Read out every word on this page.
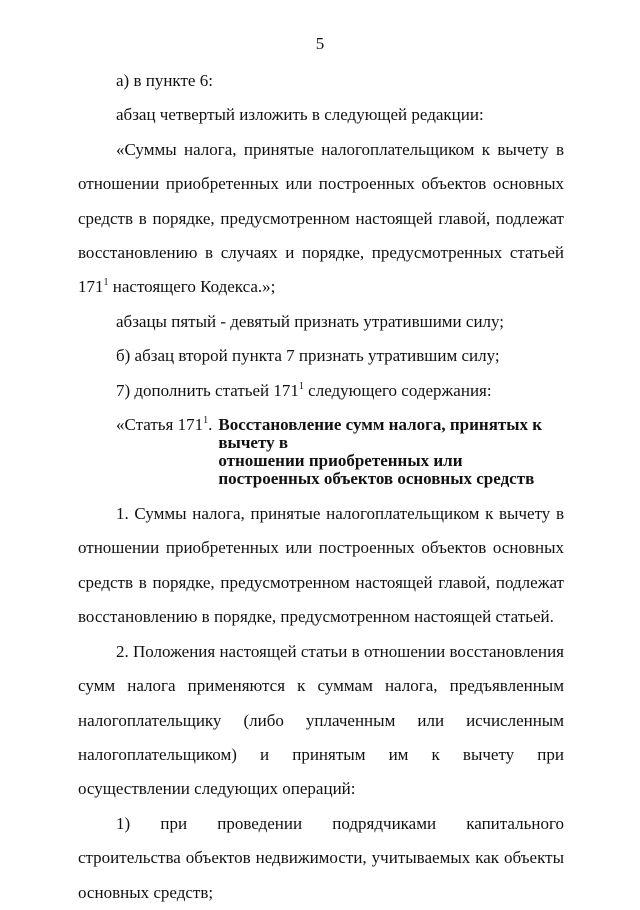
5

а) в пункте 6:

абзац четвертый изложить в следующей редакции:

«Суммы налога, принятые налогоплательщиком к вычету в отношении приобретенных или построенных объектов основных средств в порядке, предусмотренном настоящей главой, подлежат восстановлению в случаях и порядке, предусмотренных статьей $171^1$ настоящего Кодекса.»;

абзацы пятый - девятый признать утратившими силу;

б) абзац второй пункта 7 признать утратившим силу;

7) дополнить статьей $171^1$ следующего содержания:

«Статья $171^1$. Восстановление сумм налога, принятых к вычету в
отношении приобретенных или построенных объектов основных средств

1. Суммы налога, принятые налогоплательщиком к вычету в отношении приобретенных или построенных объектов основных средств в порядке, предусмотренном настоящей главой, подлежат восстановлению в порядке, предусмотренном настоящей статьей.

2. Положения настоящей статьи в отношении восстановления сумм налога применяются к суммам налога, предъявленным налогоплательщику (либо уплаченным или исчисленным налогоплательщиком) и принятым им к вычету при осуществлении следующих операций:

1) при проведении подрядчиками капитального строительства объектов недвижимости, учитываемых как объекты основных средств;
